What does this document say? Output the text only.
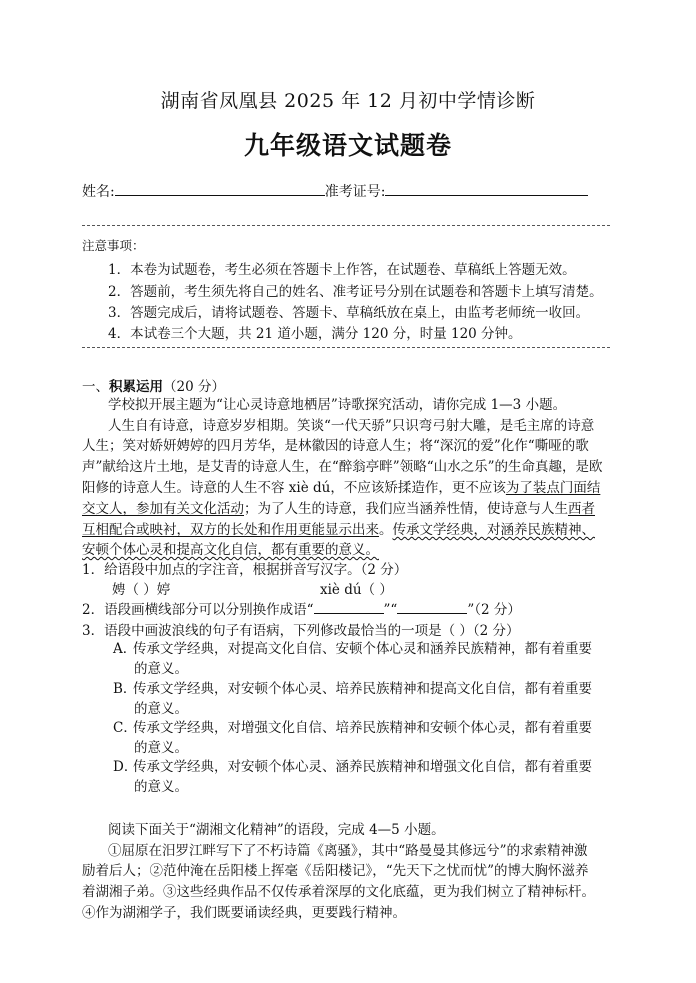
湖南省凤凰县 2025 年 12 月初中学情诊断
九年级语文试题卷
姓名:	准考证号:
注意事项：
1．本卷为试题卷，考生必须在答题卡上作答，在试题卷、草稿纸上答题无效。
2．答题前，考生须先将自己的姓名、准考证号分别在试题卷和答题卡上填写清楚。
3．答题完成后，请将试题卷、答题卡、草稿纸放在桌上，由监考老师统一收回。
4．本试卷三个大题，共 21 道小题，满分 120 分，时量 120 分钟。
一、积累运用（20 分）
学校拟开展主题为“让心灵诗意地栖居”诗歌探究活动，请你完成 1—3 小题。
人生自有诗意，诗意岁岁相期。笑谈“一代天骄”只识弯弓射大雕，是毛主席的诗意
人生；笑对娇妍娉婷的四月芳华，是林徽因的诗意人生；将“深沉的爱”化作“嘶哑的歌
声”献给这片土地，是艾青的诗意人生，在“醉翁亭畔”领略“山水之乐”的生命真趣，是欧
阳修的诗意人生。诗意的人生不容 xiè dú，不应该矫揉造作，更不应该为了装点门面结
交文人，参加有关文化活动；为了人生的诗意，我们应当涵养性情，使诗意与人生西者
互相配合或映衬，双方的长处和作用更能显示出来。传承文学经典，对涵养民族精神、
安顿个体心灵和提高文化自信，都有重要的意义。
1．给语段中加点的字注音，根据拼音写汉字。（2 分）
娉（ ）婷	xiè dú（ ）
2．语段画横线部分可以分别换作成语“	”“	”（2 分）
3．语段中画波浪线的句子有语病，下列修改最恰当的一项是（ ）（2 分）
A．传承文学经典，对提高文化自信、安顿个体心灵和涵养民族精神，都有着重要
的意义。
B．传承文学经典，对安顿个体心灵、培养民族精神和提高文化自信，都有着重要
的意义。
C．传承文学经典，对增强文化自信、培养民族精神和安顿个体心灵，都有着重要
的意义。
D．传承文学经典，对安顿个体心灵、涵养民族精神和增强文化自信，都有着重要
的意义。
阅读下面关于“湖湘文化精神”的语段，完成 4—5 小题。
①屈原在汨罗江畔写下了不朽诗篇《离骚》，其中“路曼曼其修远兮”的求索精神激
励着后人；②范仲淹在岳阳楼上挥毫《岳阳楼记》，“先天下之忧而忧”的博大胸怀滋养
着湖湘子弟。③这些经典作品不仅传承着深厚的文化底蕴，更为我们树立了精神标杆。
④作为湖湘学子，我们既要诵读经典，更要践行精神。
